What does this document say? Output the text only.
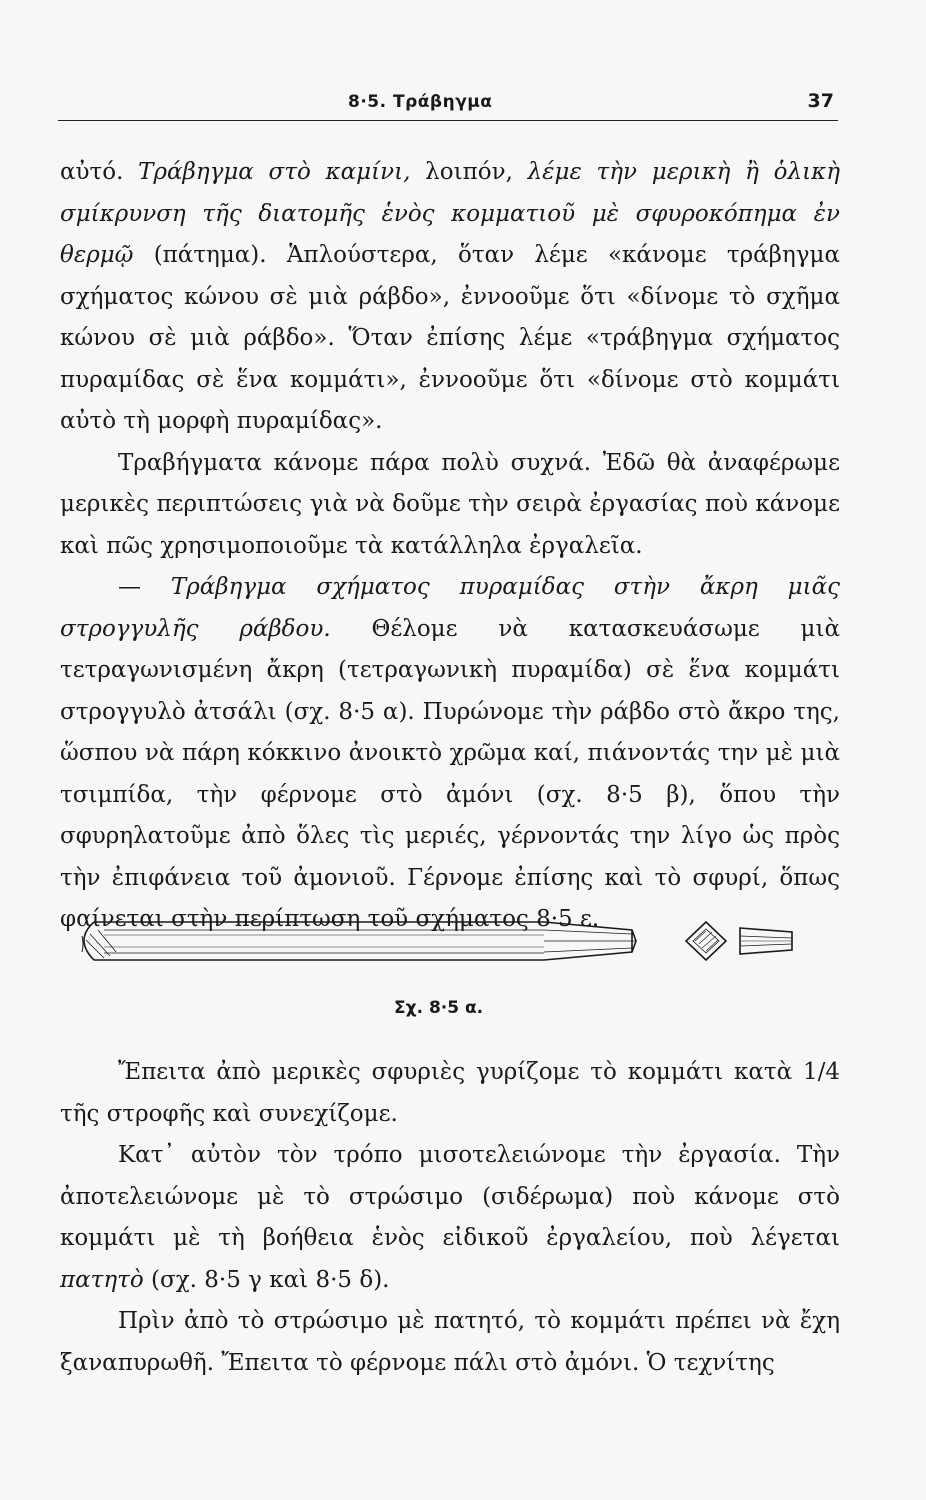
8·5. Τράβηγμα	37

αὐτό. Τράβηγμα στὸ καμίνι, λοιπόν, λέμε τὴν μερικὴ ἢ ὁλικὴ σμίκρυνση τῆς διατομῆς ἑνὸς κομματιοῦ μὲ σφυροκόπημα ἐν θερμῷ (πάτημα). Ἁπλούστερα, ὅταν λέμε «κάνομε τράβηγμα σχήματος κώνου σὲ μιὰ ράβδο», ἐννοοῦμε ὅτι «δίνομε τὸ σχῆμα κώνου σὲ μιὰ ράβδο». Ὅταν ἐπίσης λέμε «τράβηγμα σχήματος πυραμίδας σὲ ἕνα κομμάτι», ἐννοοῦμε ὅτι «δίνομε στὸ κομμάτι αὐτὸ τὴ μορφὴ πυραμίδας».

Τραβήγματα κάνομε πάρα πολὺ συχνά. Ἐδῶ θὰ ἀναφέρωμε μερικὲς περιπτώσεις γιὰ νὰ δοῦμε τὴν σειρὰ ἐργασίας ποὺ κάνομε καὶ πῶς χρησιμοποιοῦμε τὰ κατάλληλα ἐργαλεῖα.

— Τράβηγμα σχήματος πυραμίδας στὴν ἄκρη μιᾶς στρογγυλῆς ράβδου. Θέλομε νὰ κατασκευάσωμε μιὰ τετραγωνισμένη ἄκρη (τετραγωνικὴ πυραμίδα) σὲ ἕνα κομμάτι στρογγυλὸ ἀτσάλι (σχ. 8·5 α). Πυρώνομε τὴν ράβδο στὸ ἄκρο της, ὥσπου νὰ πάρη κόκκινο ἀνοικτὸ χρῶμα καί, πιάνοντάς την μὲ μιὰ τσιμπίδα, τὴν φέρνομε στὸ ἀμόνι (σχ. 8·5 β), ὅπου τὴν σφυρηλατοῦμε ἀπὸ ὅλες τὶς μεριές, γέρνοντάς την λίγο ὡς πρὸς τὴν ἐπιφάνεια τοῦ ἀμονιοῦ. Γέρνομε ἐπίσης καὶ τὸ σφυρί, ὅπως φαίνεται στὴν περίπτωση τοῦ σχήματος 8·5 ε.

Σχ. 8·5 α.

Ἔπειτα ἀπὸ μερικὲς σφυριὲς γυρίζομε τὸ κομμάτι κατὰ 1/4 τῆς στροφῆς καὶ συνεχίζομε.

Κατ᾿ αὐτὸν τὸν τρόπο μισοτελειώνομε τὴν ἐργασία. Τὴν ἀποτελειώνομε μὲ τὸ στρώσιμο (σιδέρωμα) ποὺ κάνομε στὸ κομμάτι μὲ τὴ βοήθεια ἑνὸς εἰδικοῦ ἐργαλείου, ποὺ λέγεται πατητὸ (σχ. 8·5 γ καὶ 8·5 δ).

Πρὶν ἀπὸ τὸ στρώσιμο μὲ πατητό, τὸ κομμάτι πρέπει νὰ ἔχη ξαναπυρωθῆ. Ἔπειτα τὸ φέρνομε πάλι στὸ ἀμόνι. Ὁ τεχνίτης
